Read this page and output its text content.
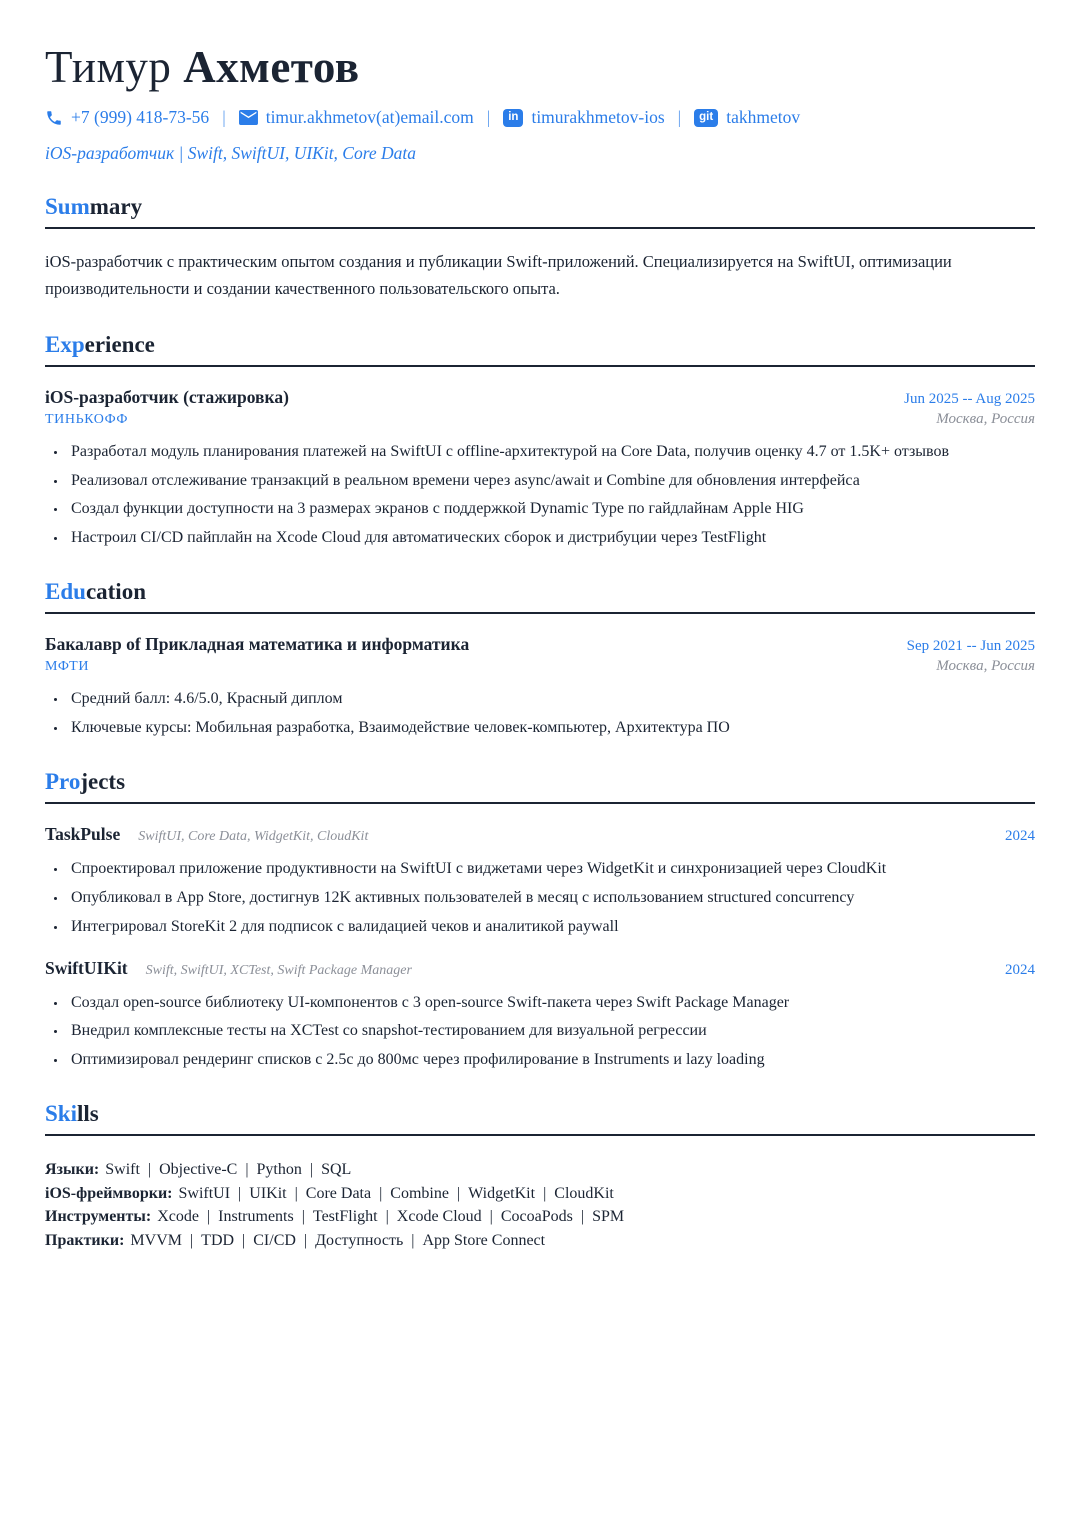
Тимур Ахметов
+7 (999) 418-73-56 | timur.akhmetov(at)email.com |	in timurakhmetov-ios |	git takhmetov
iOS-разработчик | Swift, SwiftUI, UIKit, Core Data
Summary
iOS-разработчик с практическим опытом создания и публикации Swift-приложений. Специализируется на SwiftUI, оптимизации производительности и создании качественного пользовательского опыта.
Experience
iOS-разработчик (стажировка)	Jun 2025 -- Aug 2025
ТИНЬКОФФ	Москва, Россия
• Разработал модуль планирования платежей на SwiftUI с offline-архитектурой на Core Data, получив оценку 4.7 от 1.5K+ отзывов
• Реализовал отслеживание транзакций в реальном времени через async/await и Combine для обновления интерфейса
• Создал функции доступности на 3 размерах экранов с поддержкой Dynamic Type по гайдлайнам Apple HIG
• Настроил CI/CD пайплайн на Xcode Cloud для автоматических сборок и дистрибуции через TestFlight
Education
Бакалавр of Прикладная математика и информатика	Sep 2021 -- Jun 2025
МФТИ	Москва, Россия
• Средний балл: 4.6/5.0, Красный диплом
• Ключевые курсы: Мобильная разработка, Взаимодействие человек-компьютер, Архитектура ПО
Projects
TaskPulse SwiftUI, Core Data, WidgetKit, CloudKit	2024
• Спроектировал приложение продуктивности на SwiftUI с виджетами через WidgetKit и синхронизацией через CloudKit
• Опубликовал в App Store, достигнув 12K активных пользователей в месяц с использованием structured concurrency
• Интегрировал StoreKit 2 для подписок с валидацией чеков и аналитикой paywall
SwiftUIKit Swift, SwiftUI, XCTest, Swift Package Manager	2024
• Создал open-source библиотеку UI-компонентов с 3 open-source Swift-пакета через Swift Package Manager
• Внедрил комплексные тесты на XCTest со snapshot-тестированием для визуальной регрессии
• Оптимизировал рендеринг списков с 2.5с до 800мс через профилирование в Instruments и lazy loading
Skills
Языки: Swift | Objective-C | Python | SQL
iOS-фреймворки: SwiftUI | UIKit | Core Data | Combine | WidgetKit | CloudKit
Инструменты: Xcode | Instruments | TestFlight | Xcode Cloud | CocoaPods | SPM
Практики: MVVM | TDD | CI/CD | Доступность | App Store Connect
